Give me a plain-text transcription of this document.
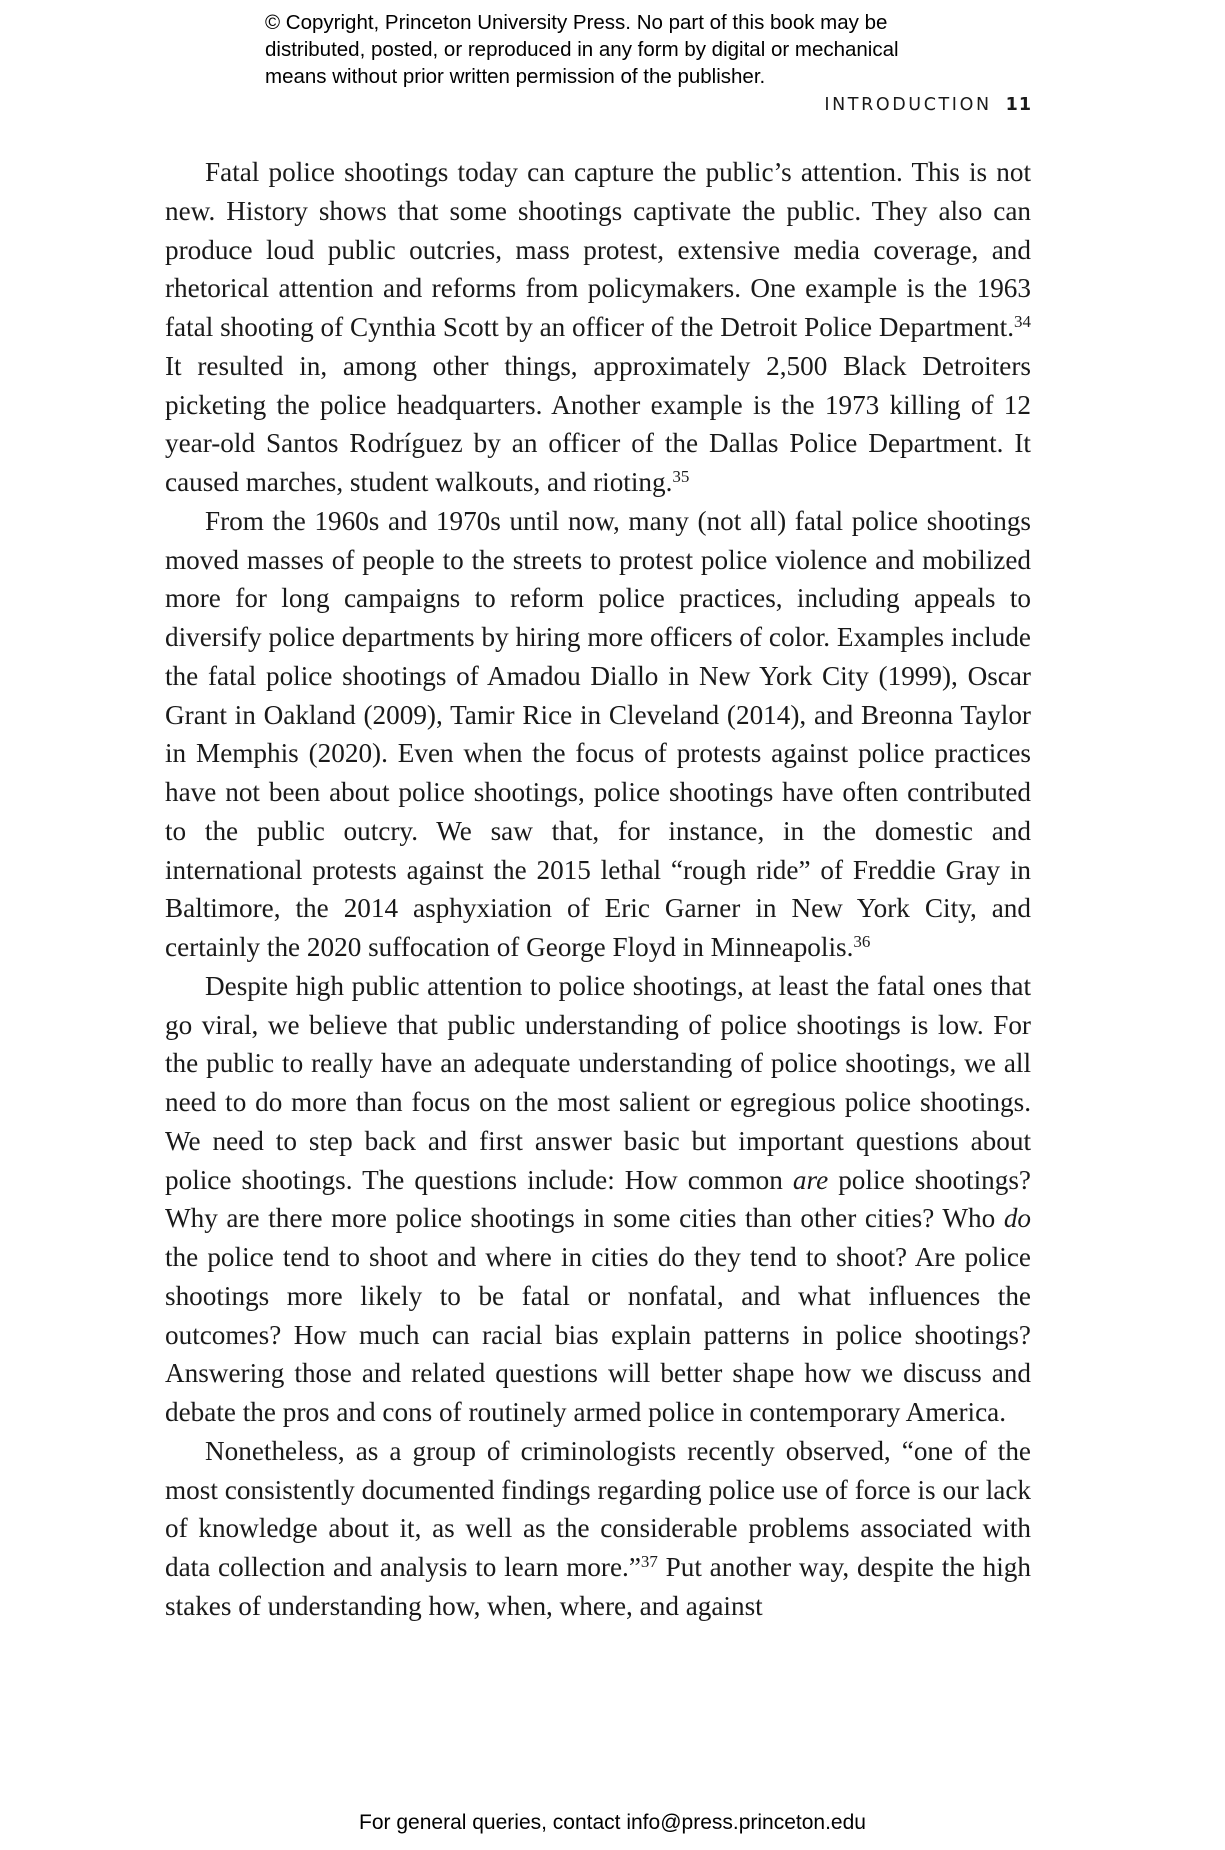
© Copyright, Princeton University Press. No part of this book may be
distributed, posted, or reproduced in any form by digital or mechanical
means without prior written permission of the publisher.
INTRODUCTION 11

Fatal police shootings today can capture the public’s attention. This is not new. History shows that some shootings captivate the public. They also can produce loud public outcries, mass protest, extensive media coverage, and rhetorical attention and reforms from policymakers. One example is the 1963 fatal shooting of Cynthia Scott by an officer of the Detroit Police Department.$^{34}$ It resulted in, among other things, approximately 2,500 Black Detroiters picketing the police headquarters. Another example is the 1973 killing of 12 year-old Santos Rodríguez by an officer of the Dallas Police Department. It caused marches, student walkouts, and rioting.$^{35}$

From the 1960s and 1970s until now, many (not all) fatal police shootings moved masses of people to the streets to protest police violence and mobilized more for long campaigns to reform police practices, including appeals to diversify police departments by hiring more officers of color. Examples include the fatal police shootings of Amadou Diallo in New York City (1999), Oscar Grant in Oakland (2009), Tamir Rice in Cleveland (2014), and Breonna Taylor in Memphis (2020). Even when the focus of protests against police practices have not been about police shootings, police shootings have often contributed to the public outcry. We saw that, for instance, in the domestic and international protests against the 2015 lethal “rough ride” of Freddie Gray in Baltimore, the 2014 asphyxiation of Eric Garner in New York City, and certainly the 2020 suffocation of George Floyd in Minneapolis.$^{36}$

Despite high public attention to police shootings, at least the fatal ones that go viral, we believe that public understanding of police shootings is low. For the public to really have an adequate understanding of police shootings, we all need to do more than focus on the most salient or egregious police shootings. We need to step back and first answer basic but important questions about police shootings. The questions include: How common are police shootings? Why are there more police shootings in some cities than other cities? Who do the police tend to shoot and where in cities do they tend to shoot? Are police shootings more likely to be fatal or nonfatal, and what influences the outcomes? How much can racial bias explain patterns in police shootings? Answering those and related questions will better shape how we discuss and debate the pros and cons of routinely armed police in contemporary America.

Nonetheless, as a group of criminologists recently observed, “one of the most consistently documented findings regarding police use of force is our lack of knowledge about it, as well as the considerable problems associated with data collection and analysis to learn more.”$^{37}$ Put another way, despite the high stakes of understanding how, when, where, and against

For general queries, contact info@press.princeton.edu
